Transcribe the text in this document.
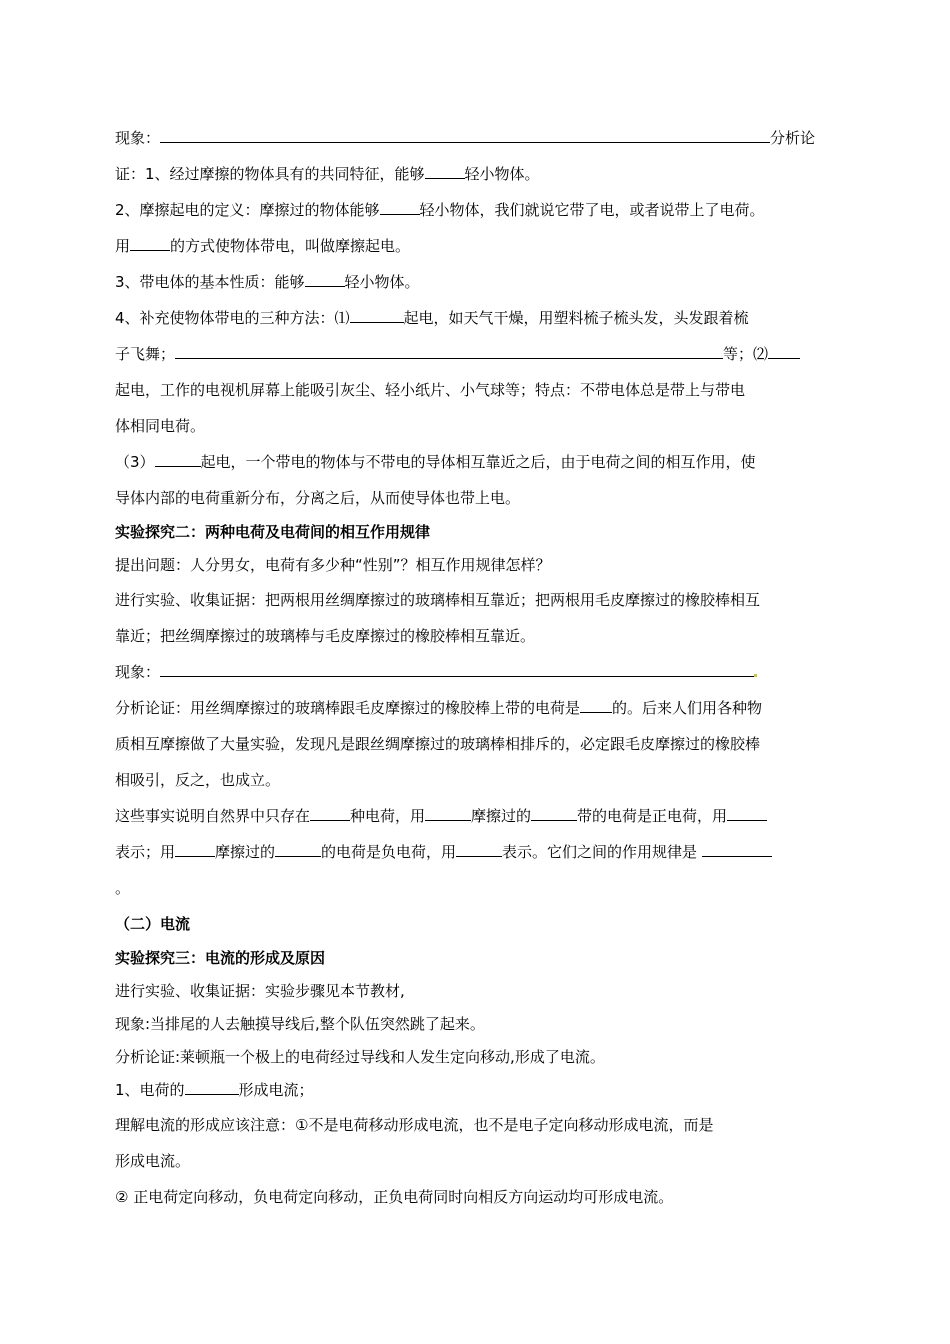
现象：	分析论
证：1、经过摩擦的物体具有的共同特征，能够	轻小物体。
2、摩擦起电的定义：摩擦过的物体能够	轻小物体，我们就说它带了电，或者说带上了电荷。
用	的方式使物体带电，叫做摩擦起电。
3、带电体的基本性质：能够	轻小物体。
4、补充使物体带电的三种方法：⑴	起电，如天气干燥，用塑料梳子梳头发，头发跟着梳
子飞舞；	等；⑵
起电，工作的电视机屏幕上能吸引灰尘、轻小纸片、小气球等；特点：不带电体总是带上与带电
体相同电荷。
（3）	起电，一个带电的物体与不带电的导体相互靠近之后，由于电荷之间的相互作用，使
导体内部的电荷重新分布，分离之后，从而使导体也带上电。
实验探究二：两种电荷及电荷间的相互作用规律
提出问题：人分男女，电荷有多少种“性别”？相互作用规律怎样？
进行实验、收集证据：把两根用丝绸摩擦过的玻璃棒相互靠近；把两根用毛皮摩擦过的橡胶棒相互
靠近；把丝绸摩擦过的玻璃棒与毛皮摩擦过的橡胶棒相互靠近。
现象：
分析论证：用丝绸摩擦过的玻璃棒跟毛皮摩擦过的橡胶棒上带的电荷是 的。后来人们用各种物
质相互摩擦做了大量实验，发现凡是跟丝绸摩擦过的玻璃棒相排斥的，必定跟毛皮摩擦过的橡胶棒
相吸引，反之，也成立。
这些事实说明自然界中只存在	种电荷，用	摩擦过的	带的电荷是正电荷，用
表示；用	摩擦过的	的电荷是负电荷，用	表示。它们之间的作用规律是
。
（二）电流
实验探究三：电流的形成及原因
进行实验、收集证据：实验步骤见本节教材,
现象:当排尾的人去触摸导线后,整个队伍突然跳了起来。
分析论证:莱顿瓶一个极上的电荷经过导线和人发生定向移动,形成了电流。
1、电荷的	形成电流；
理解电流的形成应该注意：①不是电荷移动形成电流，也不是电子定向移动形成电流，而是
形成电流。
② 正电荷定向移动，负电荷定向移动，正负电荷同时向相反方向运动均可形成电流。
